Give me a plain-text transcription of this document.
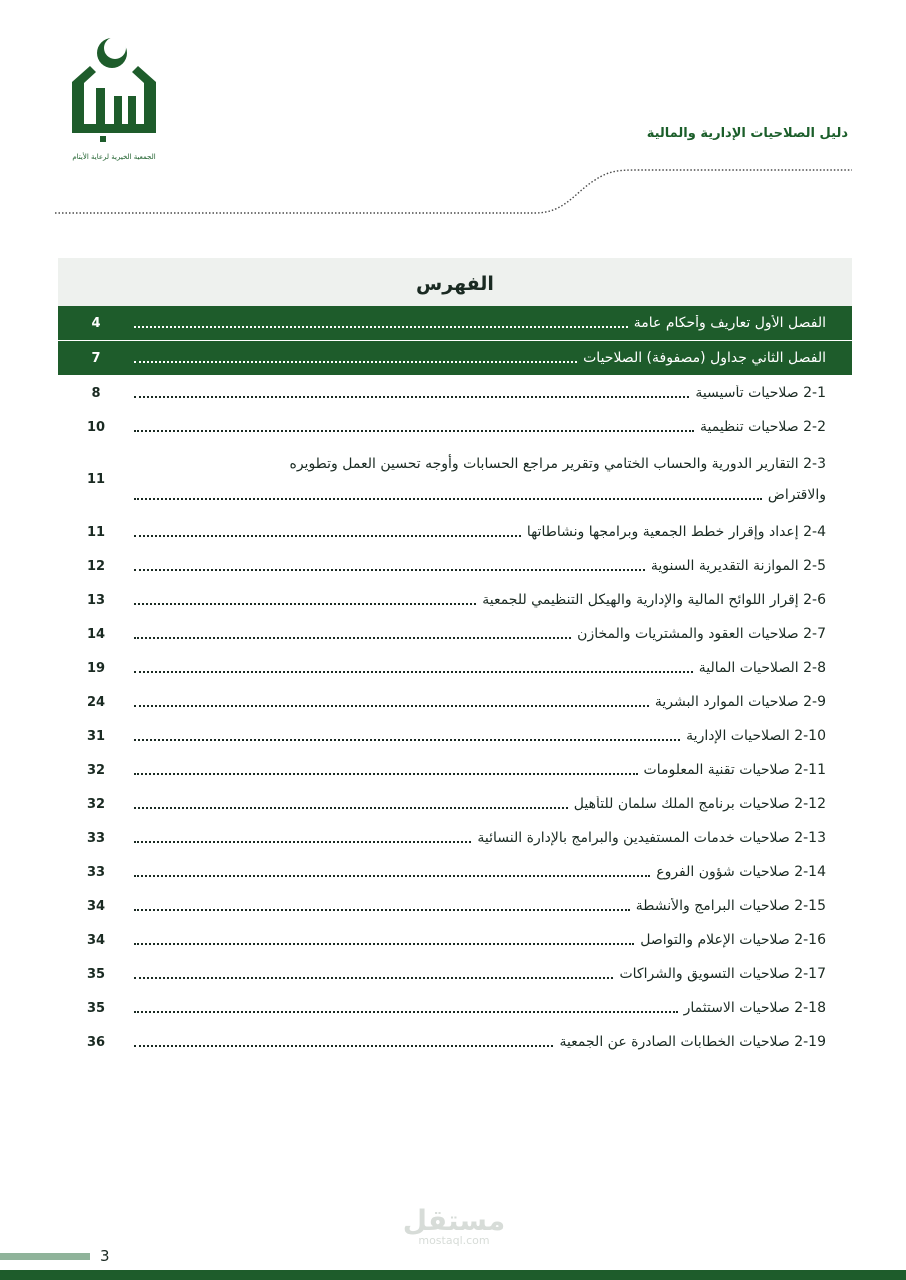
الجمعية الخيرية لرعاية الأيتام
دليل الصلاحيات الإدارية والمالية
الفهرس
الفصل الأول تعاريف وأحكام عامة
4
الفصل الثاني جداول (مصفوفة) الصلاحيات
7
2-1 صلاحيات تأسيسية
8
2-2 صلاحيات تنظيمية
10
2-3 التقارير الدورية والحساب الختامي وتقرير مراجع الحسابات وأوجه تحسين العمل وتطويره
والاقتراض
11
2-4 إعداد وإقرار خطط الجمعية وبرامجها ونشاطاتها
11
2-5 الموازنة التقديرية السنوية
12
2-6 إقرار اللوائح المالية والإدارية والهيكل التنظيمي للجمعية
13
2-7 صلاحيات العقود والمشتريات والمخازن
14
2-8 الصلاحيات المالية
19
2-9 صلاحيات الموارد البشرية
24
2-10 الصلاحيات الإدارية
31
2-11 صلاحيات تقنية المعلومات
32
2-12 صلاحيات برنامج الملك سلمان للتأهيل
32
2-13 صلاحيات خدمات المستفيدين والبرامج بالإدارة النسائية
33
2-14 صلاحيات شؤون الفروع
33
2-15 صلاحيات البرامج والأنشطة
34
2-16 صلاحيات الإعلام والتواصل
34
2-17 صلاحيات التسويق والشراكات
35
2-18 صلاحيات الاستثمار
35
2-19 صلاحيات الخطابات الصادرة عن الجمعية
36
مستقل
mostaql.com
3
